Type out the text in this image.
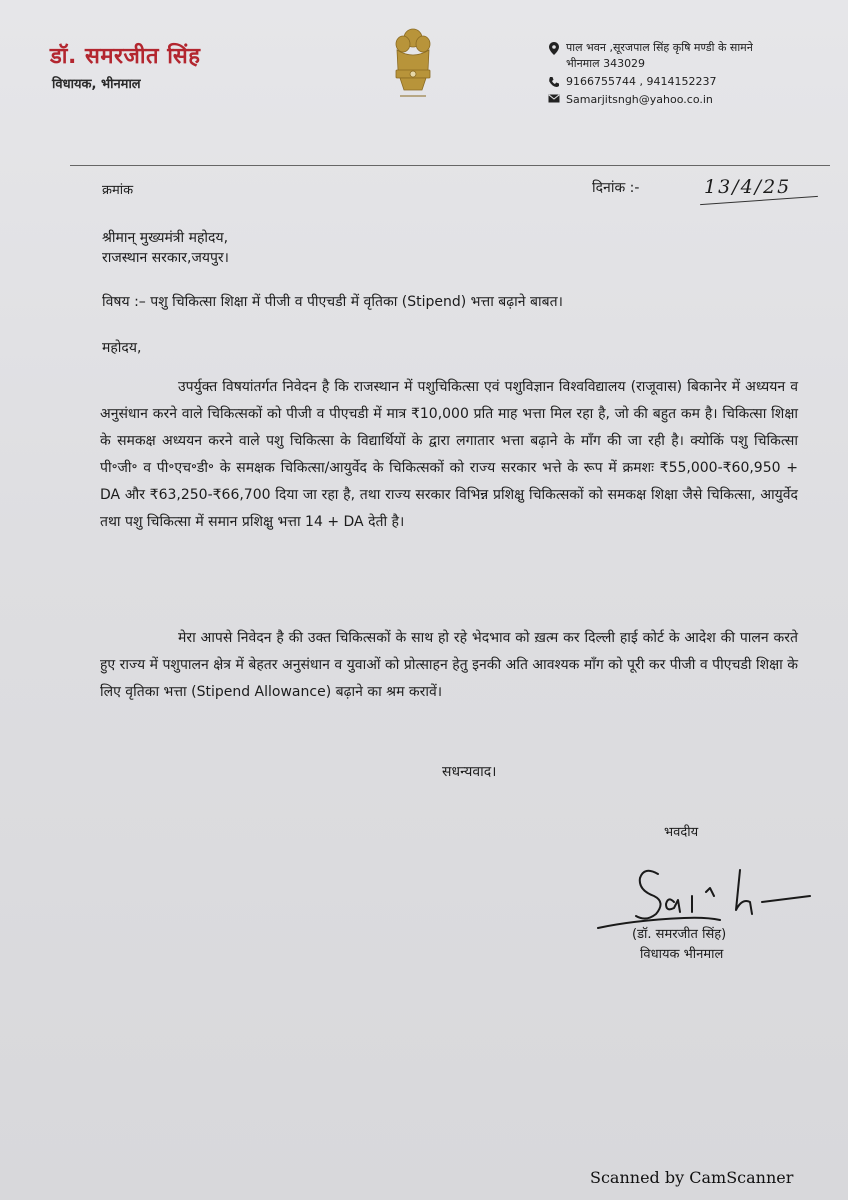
डॉ. समरजीत सिंह
विधायक, भीनमाल
पाल भवन ,सूरजपाल सिंह कृषि मण्डी के सामने
भीनमाल 343029
9166755744 , 9414152237
Samarjitsngh@yahoo.co.in
क्रमांक	दिनांक :-	13/4/25
श्रीमान् मुख्यमंत्री महोदय,
राजस्थान सरकार,जयपुर।
विषय :– पशु चिकित्सा शिक्षा में पीजी व पीएचडी में वृतिका (Stipend) भत्ता बढ़ाने बाबत।
महोदय,

उपर्युक्त विषयांतर्गत निवेदन है कि राजस्थान में पशुचिकित्सा एवं पशुविज्ञान विश्वविद्यालय (राजूवास) बिकानेर में अध्ययन व अनुसंधान करने वाले चिकित्सकों को पीजी व पीएचडी में मात्र ₹10,000 प्रति माह भत्ता मिल रहा है, जो की बहुत कम है। चिकित्सा शिक्षा के समकक्ष अध्ययन करने वाले पशु चिकित्सा के विद्यार्थियों के द्वारा लगातार भत्ता बढ़ाने के माँग की जा रही है। क्योकिं पशु चिकित्सा पी॰जी॰ व पी॰एच॰डी॰ के समक्षक चिकित्सा/आयुर्वेद के चिकित्सकों को राज्य सरकार भत्ते के रूप में क्रमशः ₹55,000-₹60,950 + DA और ₹63,250-₹66,700 दिया जा रहा है, तथा राज्य सरकार विभिन्न प्रशिक्षु चिकित्सकों को समकक्ष शिक्षा जैसे चिकित्सा, आयुर्वेद तथा पशु चिकित्सा में समान प्रशिक्षु भत्ता 14 + DA देती है।

मेरा आपसे निवेदन है की उक्त चिकित्सकों के साथ हो रहे भेदभाव को ख़त्म कर दिल्ली हाई कोर्ट के आदेश की पालन करते हुए राज्य में पशुपालन क्षेत्र में बेहतर अनुसंधान व युवाओं को प्रोत्साहन हेतु इनकी अति आवश्यक माँग को पूरी कर पीजी व पीएचडी शिक्षा के लिए वृतिका भत्ता (Stipend Allowance) बढ़ाने का श्रम करावें।

सधन्यवाद।
भवदीय
(डॉ. समरजीत सिंह)
विधायक भीनमाल
Scanned by CamScanner
